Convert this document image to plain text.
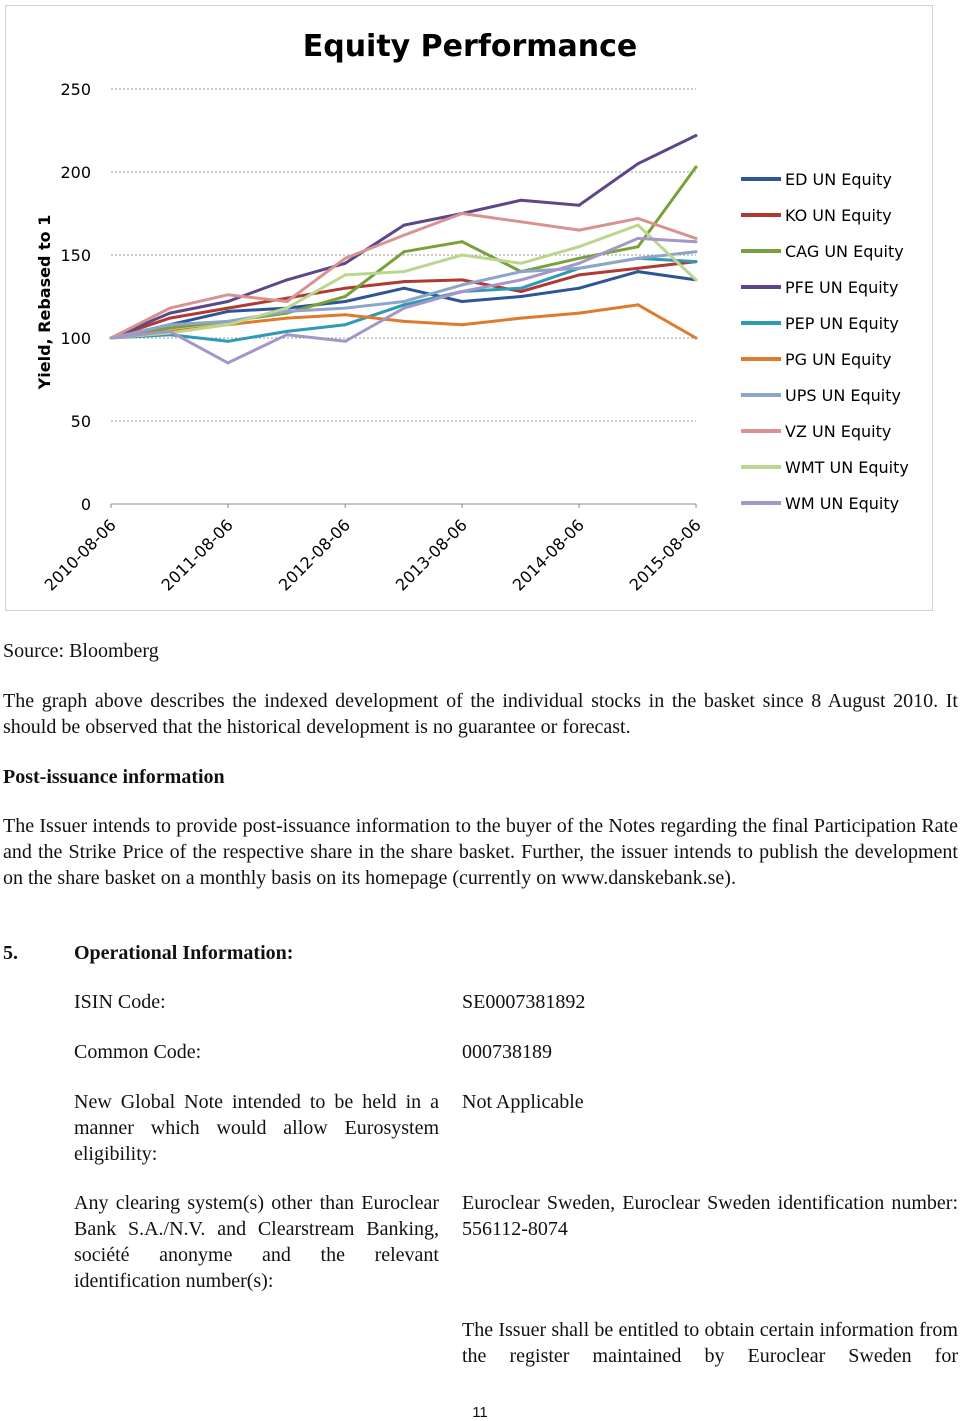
Equity Performance
Yield, Rebased to 1
0
50
100
150
200
250
2010-08-06 2011-08-06 2012-08-06 2013-08-06 2014-08-06 2015-08-06
ED UN Equity
KO UN Equity
CAG UN Equity
PFE UN Equity
PEP UN Equity
PG UN Equity
UPS UN Equity
VZ UN Equity
WMT UN Equity
WM UN Equity
Source: Bloomberg
The graph above describes the indexed development of the individual stocks in the basket since 8 August 2010. It should be observed that the historical development is no guarantee or forecast.
Post-issuance information
The Issuer intends to provide post-issuance information to the buyer of the Notes regarding the final Participation Rate and the Strike Price of the respective share in the share basket. Further, the issuer intends to publish the development on the share basket on a monthly basis on its homepage (currently on www.danskebank.se).
5.	Operational Information:
ISIN Code:	SE0007381892
Common Code:	000738189
New Global Note intended to be held in a manner which would allow Eurosystem eligibility:
Not Applicable
Any clearing system(s) other than Euroclear Bank S.A./N.V. and Clearstream Banking, société anonyme and the relevant identification number(s):
Euroclear Sweden, Euroclear Sweden identification number: 556112-8074
The Issuer shall be entitled to obtain certain information from the register maintained by Euroclear Sweden for
11
